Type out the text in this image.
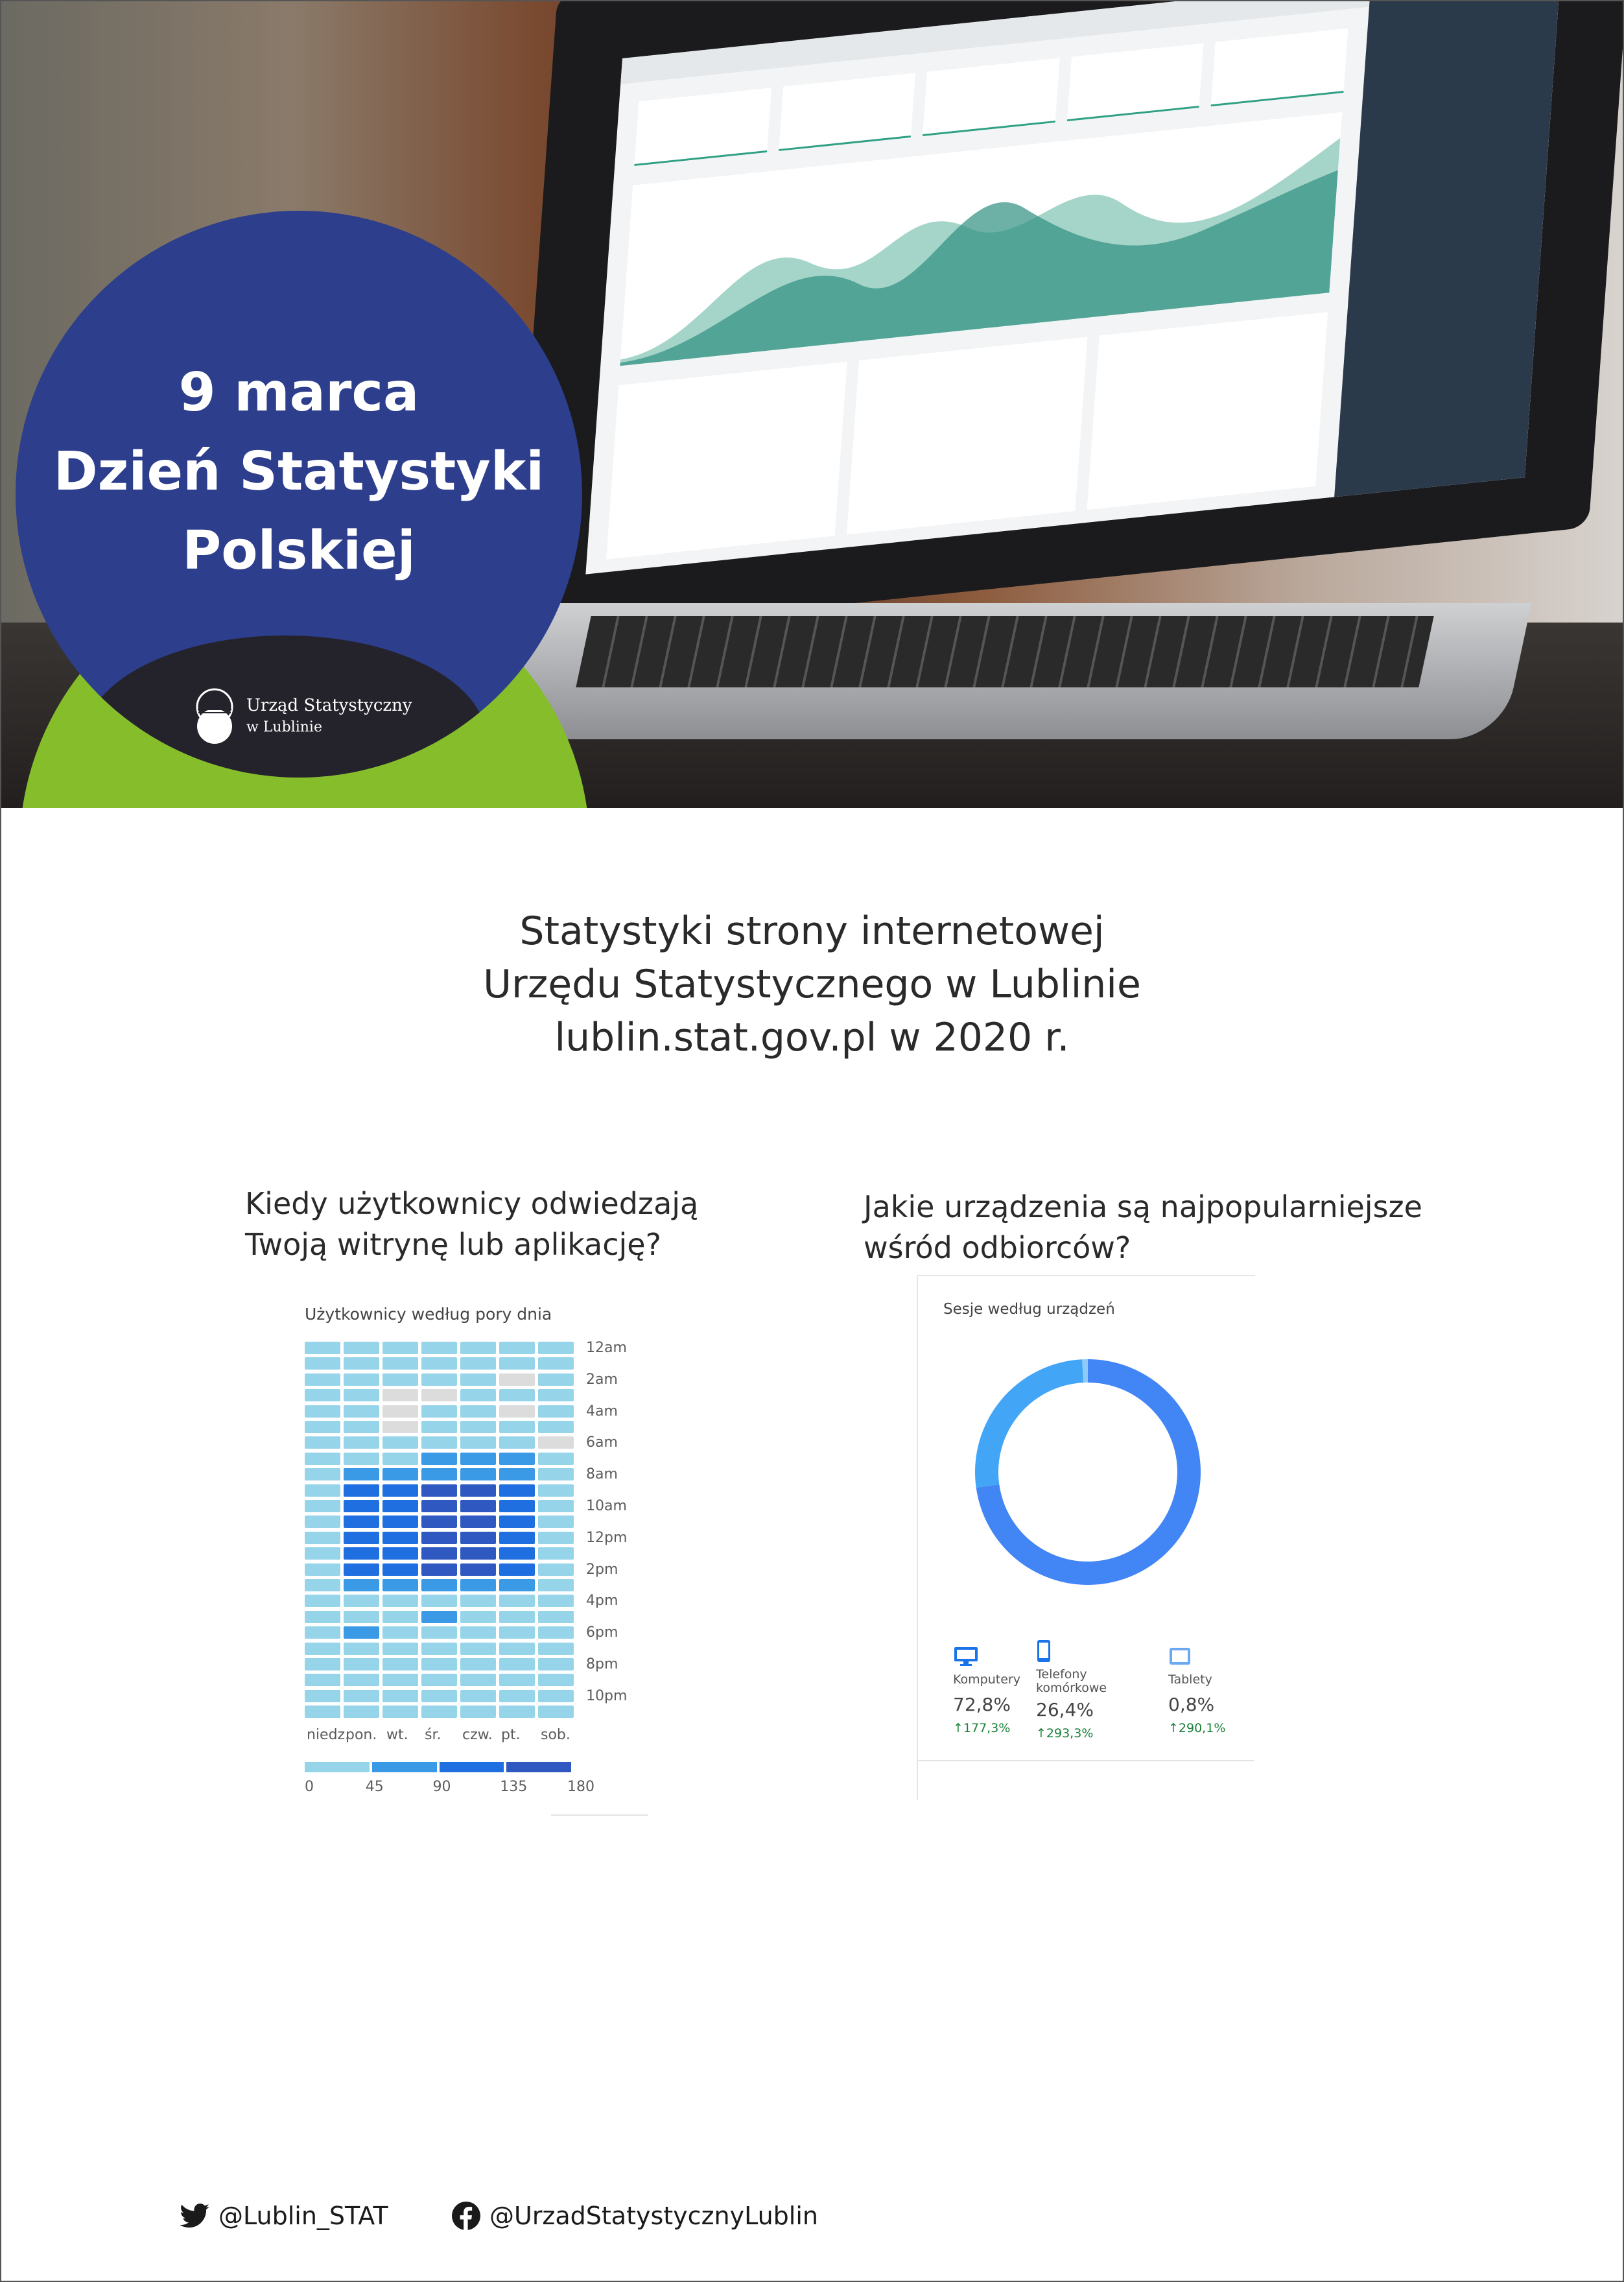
9 marca
Dzień Statystyki
Polskiej
Urząd Statystyczny
w Lublinie
Statystyki strony internetowej
Urzędu Statystycznego w Lublinie
lublin.stat.gov.pl w 2020 r.
Kiedy użytkownicy odwiedzają
Twoją witrynę lub aplikację?
Jakie urządzenia są najpopularniejsze
wśród odbiorców?
Użytkownicy według pory dnia
12am
2am
4am
6am
8am
10am
12pm
2pm
4pm
6pm
8pm
10pm
niedz.
pon. wt. śr. czw. pt. sob.
0	45	90	135	180
Sesje według urządzeń
Komputery
72,8%
↑177,3%
Telefony
komórkowe
26,4%
↑293,3%
Tablety
0,8%
↑290,1%
@Lublin_STAT	@UrzadStatystycznyLublin
